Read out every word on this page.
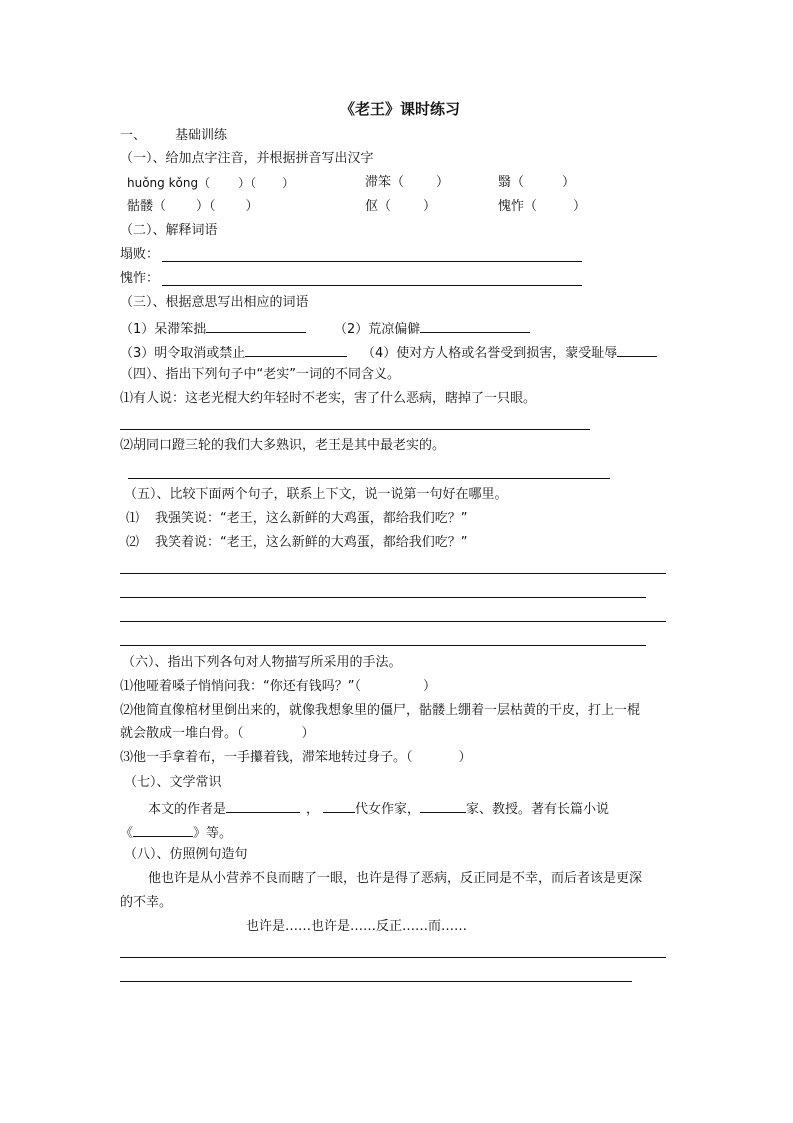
《老王》课时练习
一、 基础训练
（一）、给加点字注音，并根据拼音写出汉字
huǒng kǒng（ ）（ ）	滞笨（ ）	翳（	）
骷髅（ ）（ ）	伛（ ）	愧怍（	）
（二）、解释词语
塌败：
愧怍：
（三）、根据意思写出相应的词语
（1）呆滞笨拙	（2）荒凉偏僻
（3）明令取消或禁止	（4）使对方人格或名誉受到损害，蒙受耻辱
（四）、指出下列句子中“老实”一词的不同含义。
⑴有人说：这老光棍大约年轻时不老实，害了什么恶病，瞎掉了一只眼。
⑵胡同口蹬三轮的我们大多熟识，老王是其中最老实的。
（五）、比较下面两个句子，联系上下文，说一说第一句好在哪里。
⑴ 我强笑说：“老王，这么新鲜的大鸡蛋，都给我们吃？”
⑵ 我笑着说：“老王，这么新鲜的大鸡蛋，都给我们吃？”
（六）、指出下列各句对人物描写所采用的手法。
⑴他哑着嗓子悄悄问我：“你还有钱吗？”（	）
⑵他简直像棺材里倒出来的，就像我想象里的僵尸，骷髅上绷着一层枯黄的干皮，打上一棍
就会散成一堆白骨。（	）
⑶他一手拿着布，一手攥着钱，滞笨地转过身子。（	）
（七）、文学常识
本文的作者是	，	代女作家，	家、教授。著有长篇小说
《	》等。
（八）、仿照例句造句
他也许是从小营养不良而瞎了一眼，也许是得了恶病，反正同是不幸，而后者该是更深
的不幸。
也许是……也许是……反正……而……
